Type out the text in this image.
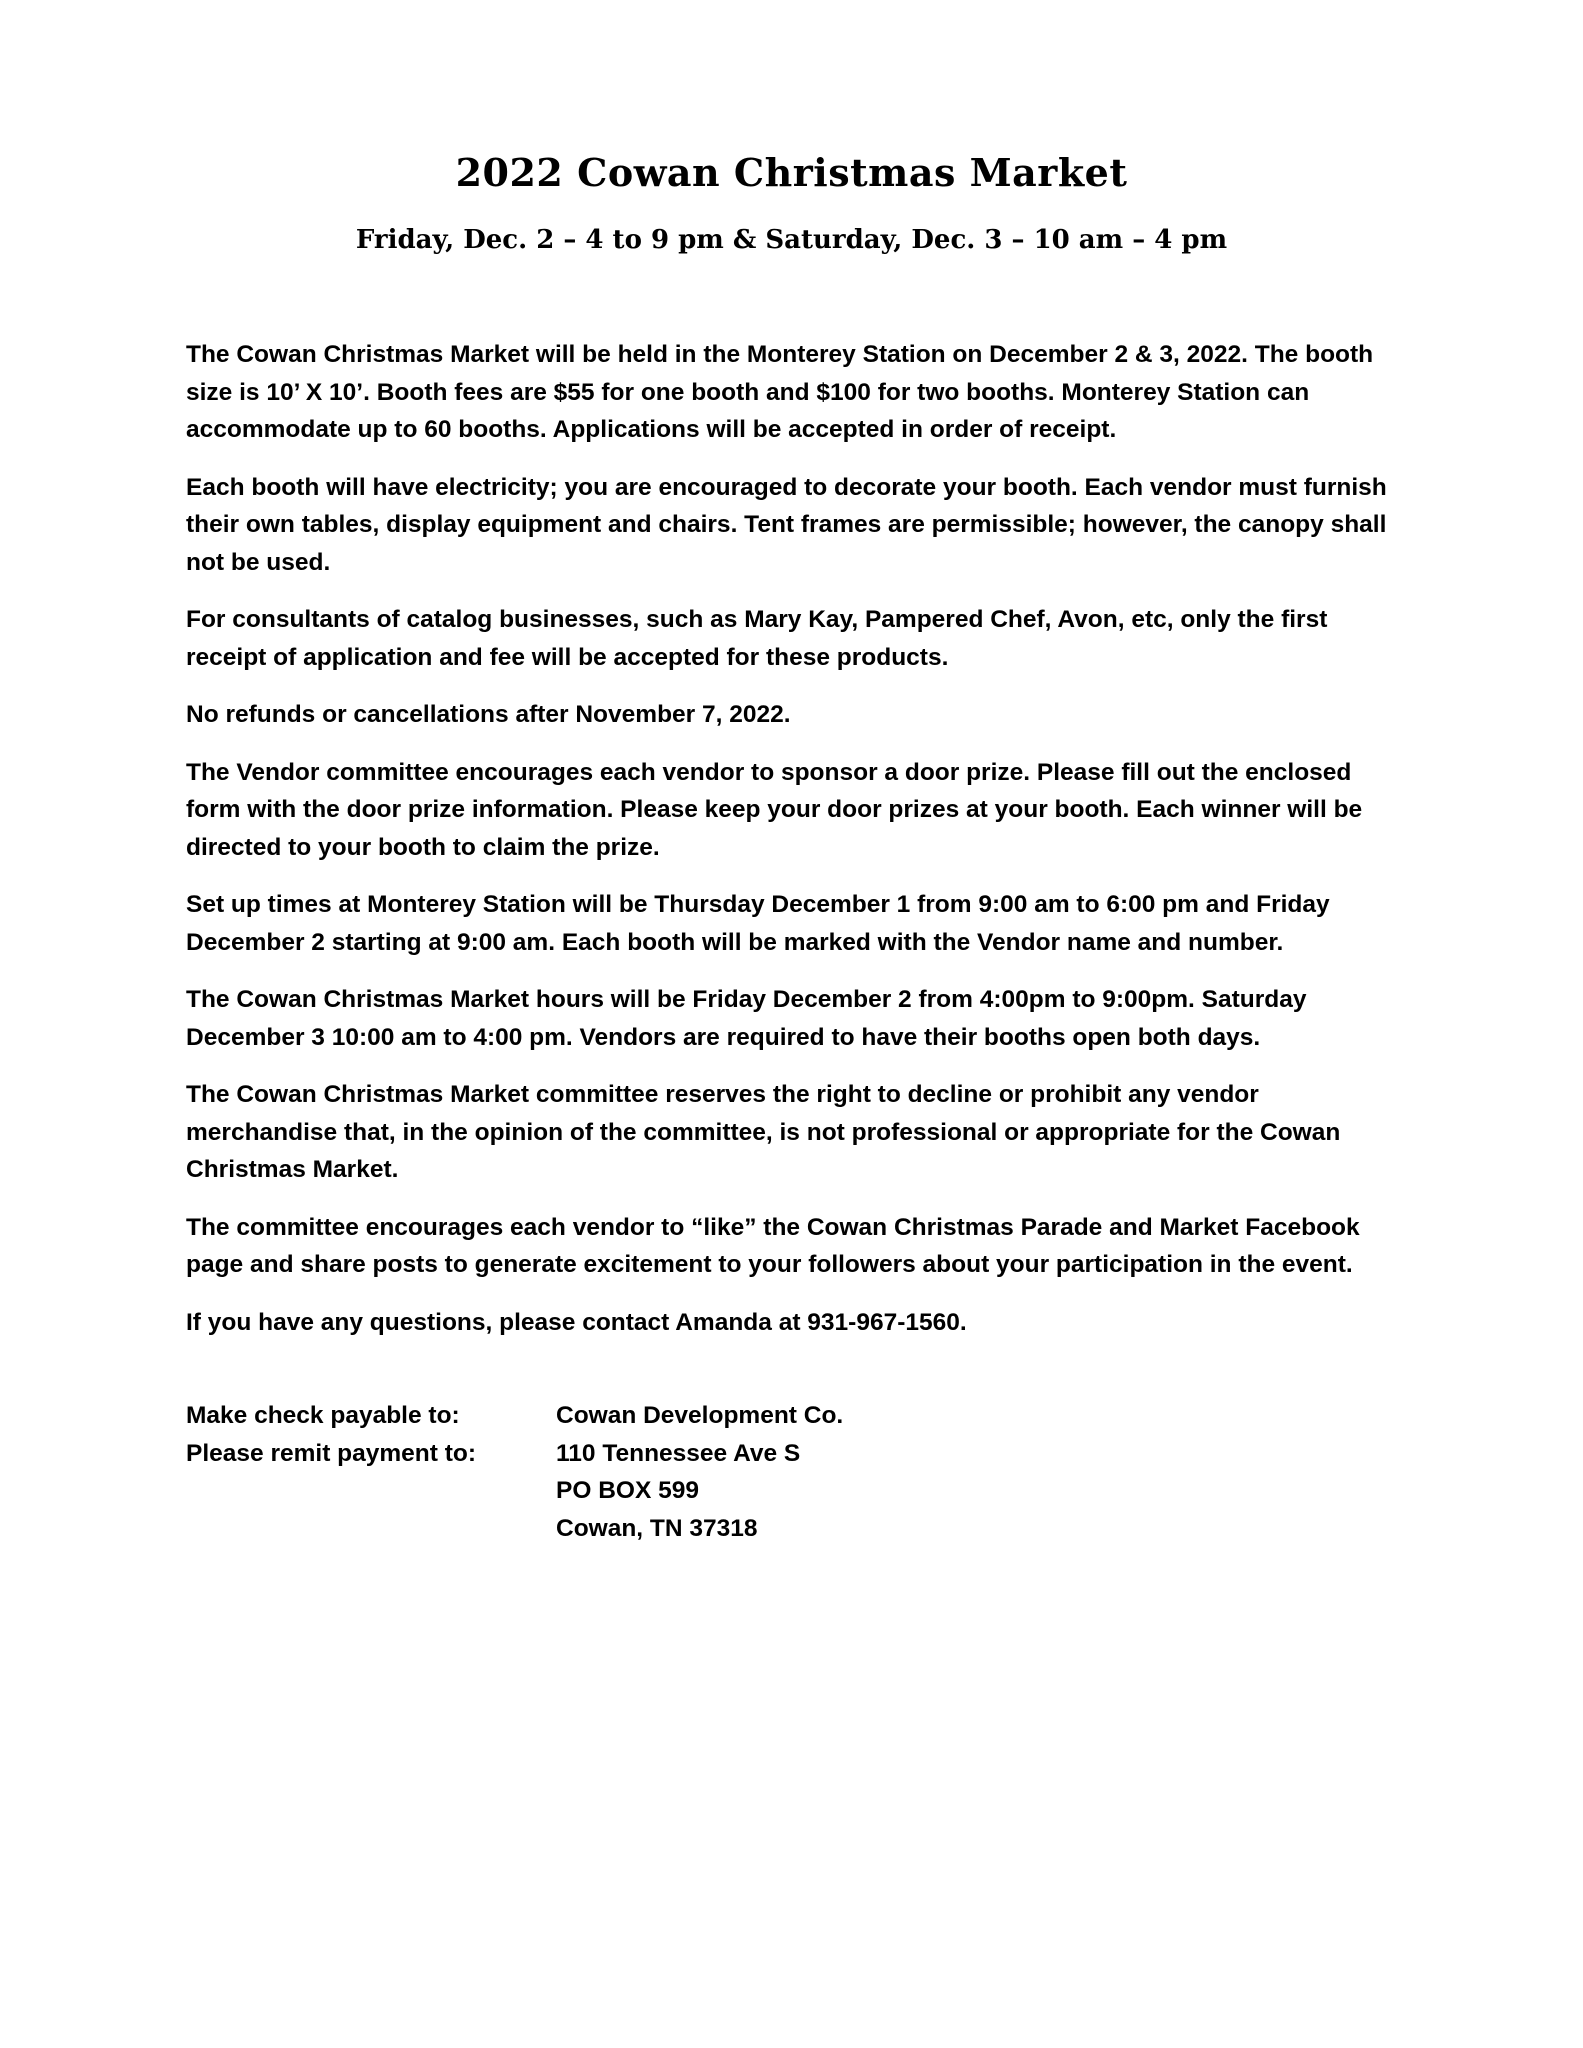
2022 Cowan Christmas Market
Friday, Dec. 2 – 4 to 9 pm & Saturday, Dec. 3 – 10 am – 4 pm

The Cowan Christmas Market will be held in the Monterey Station on December 2 & 3, 2022. The booth size is 10’ X 10’. Booth fees are $55 for one booth and $100 for two booths. Monterey Station can accommodate up to 60 booths. Applications will be accepted in order of receipt.

Each booth will have electricity; you are encouraged to decorate your booth. Each vendor must furnish their own tables, display equipment and chairs. Tent frames are permissible; however, the canopy shall not be used.

For consultants of catalog businesses, such as Mary Kay, Pampered Chef, Avon, etc, only the first receipt of application and fee will be accepted for these products.

No refunds or cancellations after November 7, 2022.

The Vendor committee encourages each vendor to sponsor a door prize. Please fill out the enclosed form with the door prize information. Please keep your door prizes at your booth. Each winner will be directed to your booth to claim the prize.

Set up times at Monterey Station will be Thursday December 1 from 9:00 am to 6:00 pm and Friday December 2 starting at 9:00 am. Each booth will be marked with the Vendor name and number.

The Cowan Christmas Market hours will be Friday December 2 from 4:00pm to 9:00pm. Saturday December 3 10:00 am to 4:00 pm. Vendors are required to have their booths open both days.

The Cowan Christmas Market committee reserves the right to decline or prohibit any vendor merchandise that, in the opinion of the committee, is not professional or appropriate for the Cowan Christmas Market.

The committee encourages each vendor to “like” the Cowan Christmas Parade and Market Facebook page and share posts to generate excitement to your followers about your participation in the event.

If you have any questions, please contact Amanda at 931-967-1560.

Make check payable to:	Cowan Development Co.
Please remit payment to:	110 Tennessee Ave S
PO BOX 599
Cowan, TN 37318
